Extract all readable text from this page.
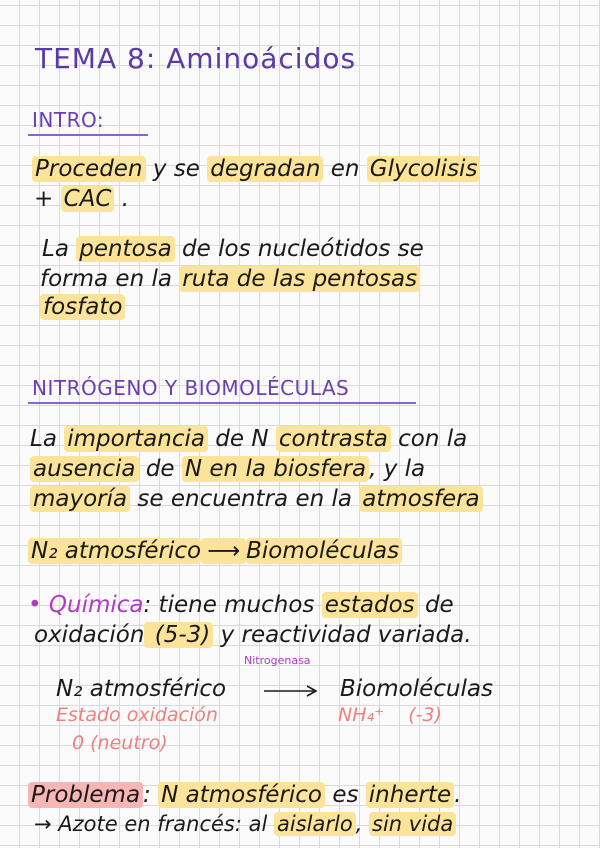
TEMA 8: Aminoácidos
INTRO:
Proceden y se degradan en Glycolisis
+ CAC .
La pentosa de los nucleótidos se
forma en la ruta de las pentosas
fosfato
NITRÓGENO Y BIOMOLÉCULAS
La importancia de N contrasta con la
ausencia de N en la biosfera , y la
mayoría se encuentra en la atmosfera
N₂ atmosférico ⟶ Biomoléculas
• Química: tiene muchos estados de
oxidación (5-3) y reactividad variada.
Nitrogenasa
N₂ atmosférico → Biomoléculas
Estado oxidación
0 (neutro)
NH₄⁺ (-3)
Problema : N atmosférico es inherte .
→ Azote en francés: al aislarlo , sin vida
